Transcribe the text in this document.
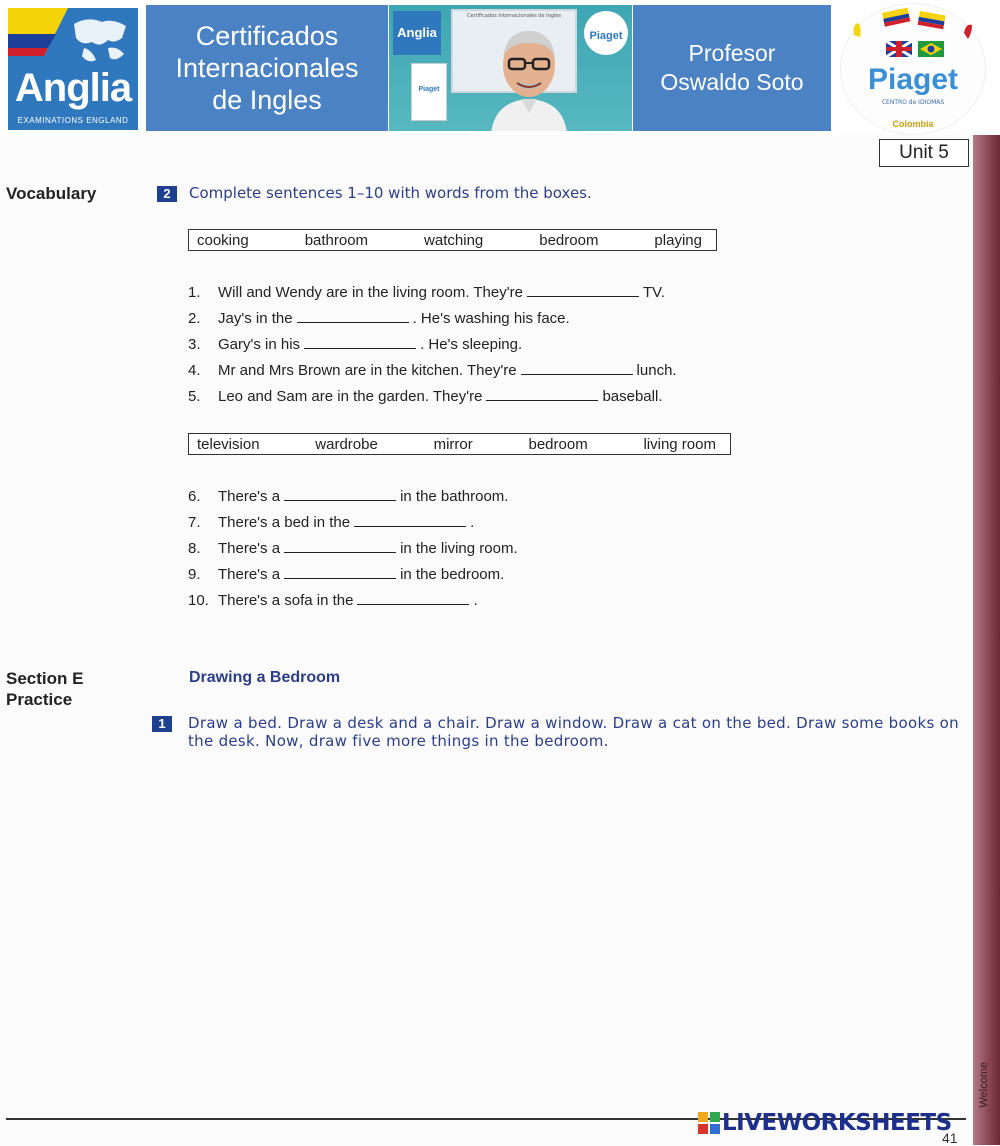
Anglia
EXAMINATIONS ENGLAND
Certificados
Internacionales
de Ingles
Anglia
Certificados Internacionales de Ingles
Piaget
Piaget
Profesor
Oswaldo Soto	Piaget
CENTRO de IDIOMAS
Colombia
Welcome
Unit 5
Vocabulary	2	Complete sentences 1–10 with words from the boxes.
cooking	bathroom	watching	bedroom	playing
1. Will and Wendy are in the living room. They're	TV.
2. Jay's in the	. He's washing his face.
3. Gary's in his	. He's sleeping.
4. Mr and Mrs Brown are in the kitchen. They're	lunch.
5. Leo and Sam are in the garden. They're	baseball.
television	wardrobe	mirror	bedroom	living room
6. There's a	in the bathroom.
7. There's a bed in the	.
8. There's a	in the living room.
9. There's a	in the bedroom.
10. There's a sofa in the	.
Section E
Practice
Drawing a Bedroom
1	Draw a bed. Draw a desk and a chair. Draw a window. Draw a cat on the bed. Draw some books on the desk. Now, draw five more things in the bedroom.
LIVEWORKSHEETS
41
